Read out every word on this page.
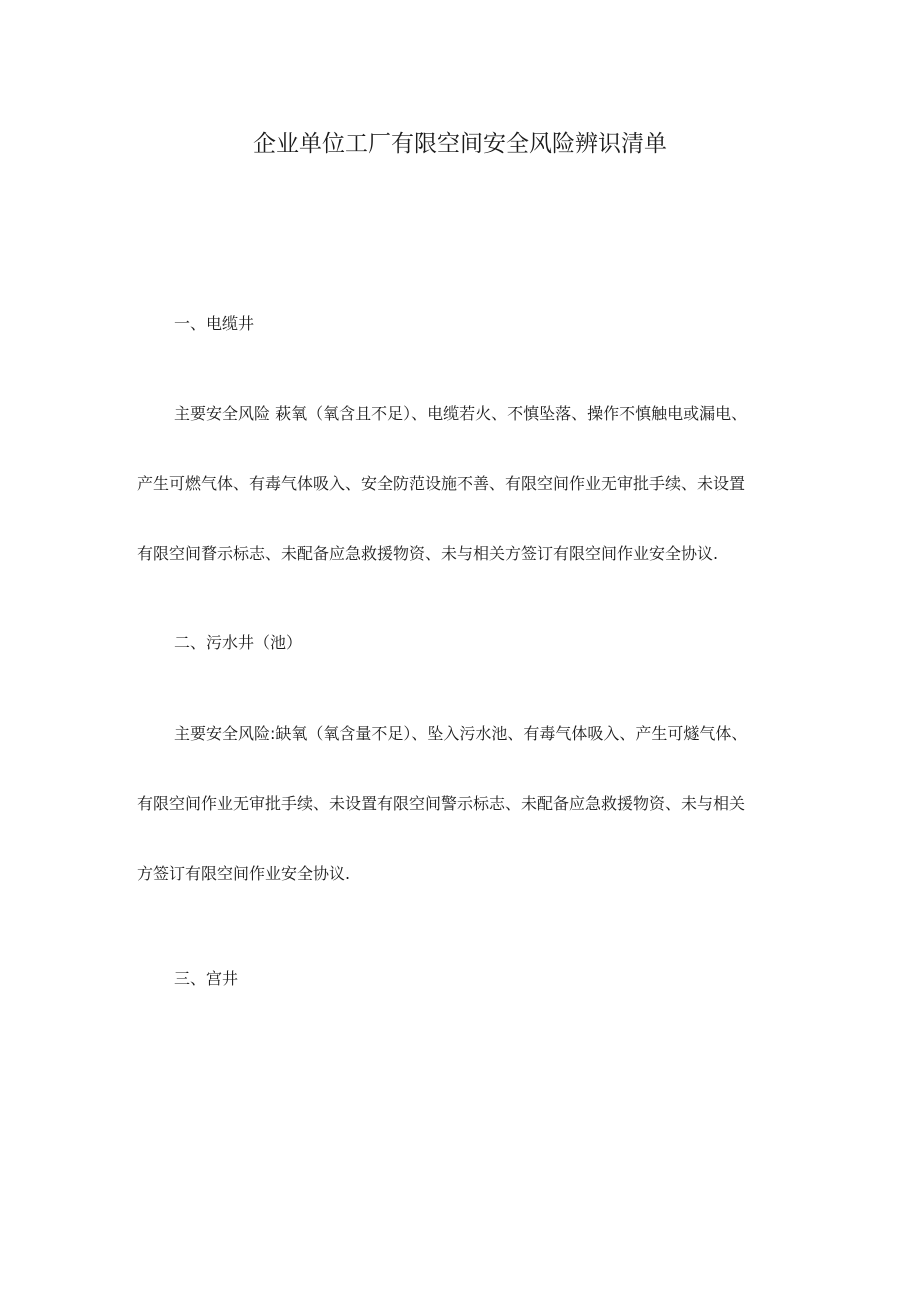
企业单位工厂有限空间安全风险辨识清单
一、电缆井
主要安全风险 萩氧（氧含且不足）、电缆若火、不慎坠落、操作不慎触电或漏电、
产生可燃气体、有毒气体吸入、安全防范设施不善、有限空间作业无审批手续、未设置
有限空间瞀示标志、未配备应急救援物资、未与相关方签订有限空间作业安全协议.
二、污水井（池）
主要安全风险:缺氧（氧含量不足）、坠入污水池、有毒气体吸入、产生可燧气体、
有限空间作业无审批手续、未设置有限空间警示标志、未配备应急救援物资、未与相关
方签订有限空间作业安全协议.
三、宫井
